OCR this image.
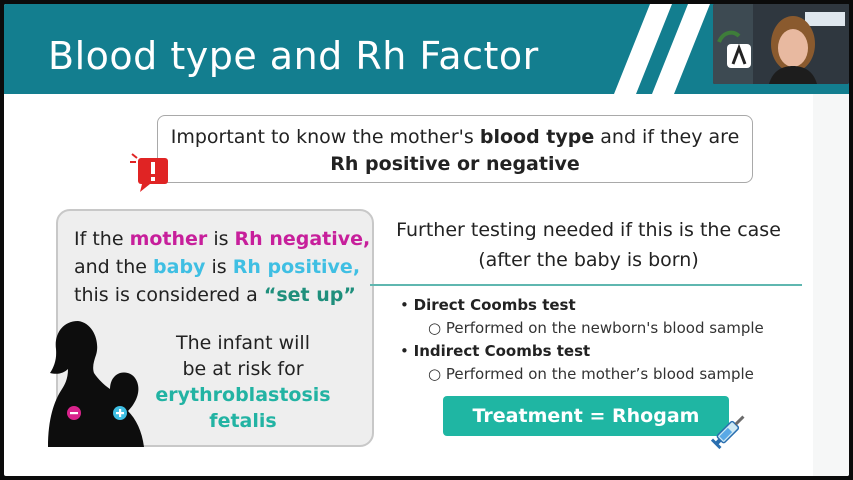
Blood type and Rh Factor
Important to know the mother's blood type and if they are
Rh positive or negative
If the mother is Rh negative,
and the baby is Rh positive,
this is considered a “set up”
The infant will
be at risk for
erythroblastosis
fetalis
Further testing needed if this is the case
(after the baby is born)
• Direct Coombs test
○ Performed on the newborn's blood sample
• Indirect Coombs test
○ Performed on the mother’s blood sample
Treatment = Rhogam
